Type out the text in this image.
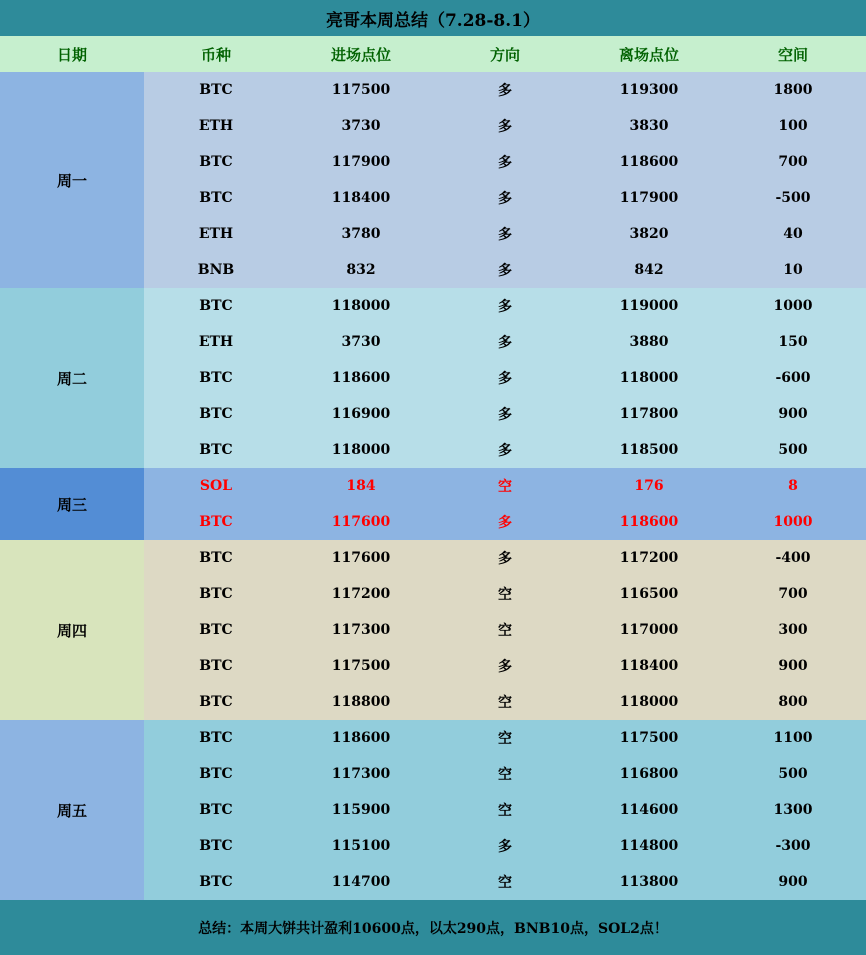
亮哥本周总结（7.28-8.1）
日期	币种	进场点位	方向	离场点位	空间
周一
BTC	117500	多	119300	1800
ETH	3730	多	3830	100
BTC	117900	多	118600	700
BTC	118400	多	117900	-500
ETH	3780	多	3820	40
BNB	832	多	842	10
周二
BTC	118000	多	119000	1000
ETH	3730	多	3880	150
BTC	118600	多	118000	-600
BTC	116900	多	117800	900
BTC	118000	多	118500	500
周三
SOL	184	空	176	8
BTC	117600	多	118600	1000
周四
BTC	117600	多	117200	-400
BTC	117200	空	116500	700
BTC	117300	空	117000	300
BTC	117500	多	118400	900
BTC	118800	空	118000	800
周五
BTC	118600	空	117500	1100
BTC	117300	空	116800	500
BTC	115900	空	114600	1300
BTC	115100	多	114800	-300
BTC	114700	空	113800	900
总结：本周大饼共计盈利10600点，以太290点，BNB10点，SOL2点！
